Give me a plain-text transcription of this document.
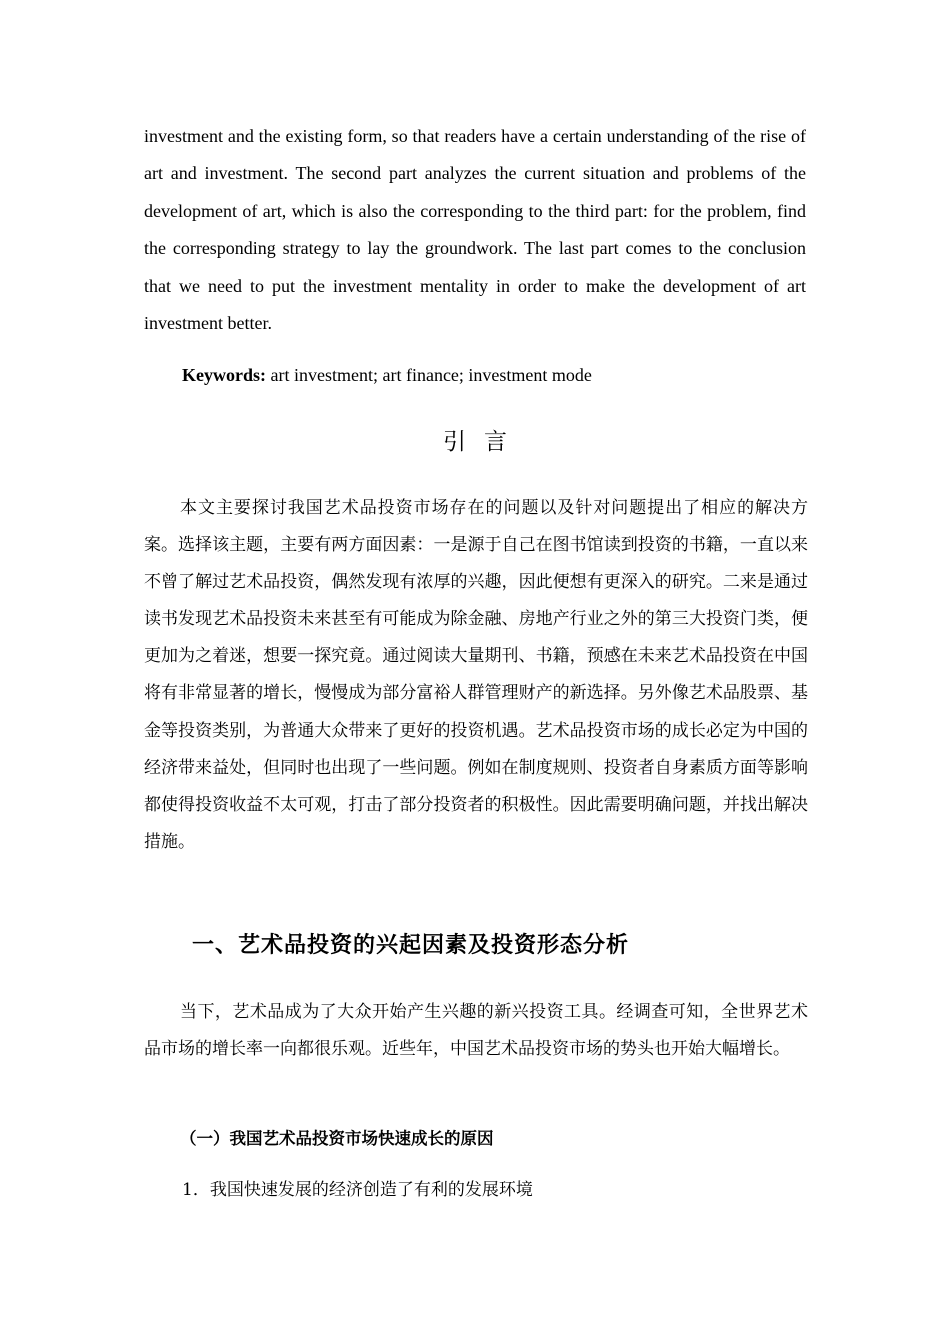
investment and the existing form, so that readers have a certain understanding of the rise of art and investment. The second part analyzes the current situation and problems of the development of art, which is also the corresponding to the third part: for the problem, find the corresponding strategy to lay the groundwork. The last part comes to the conclusion that we need to put the investment mentality in order to make the development of art investment better.

Keywords: art investment; art finance; investment mode

引言

本文主要探讨我国艺术品投资市场存在的问题以及针对问题提出了相应的解决方案。选择该主题，主要有两方面因素：一是源于自己在图书馆读到投资的书籍，一直以来不曾了解过艺术品投资，偶然发现有浓厚的兴趣，因此便想有更深入的研究。二来是通过读书发现艺术品投资未来甚至有可能成为除金融、房地产行业之外的第三大投资门类，便更加为之着迷，想要一探究竟。通过阅读大量期刊、书籍，预感在未来艺术品投资在中国将有非常显著的增长，慢慢成为部分富裕人群管理财产的新选择。另外像艺术品股票、基金等投资类别，为普通大众带来了更好的投资机遇。艺术品投资市场的成长必定为中国的经济带来益处，但同时也出现了一些问题。例如在制度规则、投资者自身素质方面等影响都使得投资收益不太可观，打击了部分投资者的积极性。因此需要明确问题，并找出解决措施。

一、艺术品投资的兴起因素及投资形态分析

当下，艺术品成为了大众开始产生兴趣的新兴投资工具。经调查可知，全世界艺术品市场的增长率一向都很乐观。近些年，中国艺术品投资市场的势头也开始大幅增长。

（一）我国艺术品投资市场快速成长的原因

1．我国快速发展的经济创造了有利的发展环境
